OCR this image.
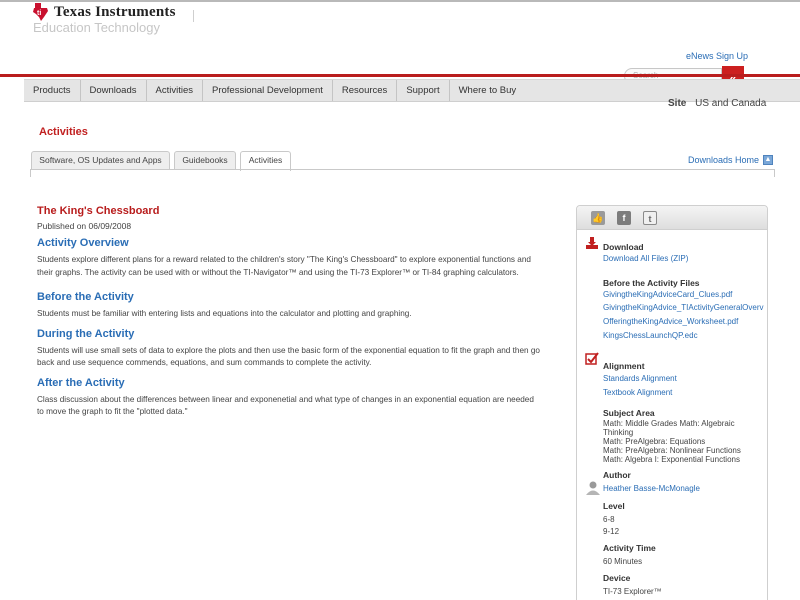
ti Texas Instruments
Education Technology
eNews Sign Up
Products	Downloads	Activities	Professional Development	Resources	Support	Where to Buy
Site US and Canada
Activities
Software, OS Updates and Apps	Guidebooks	Activities	Downloads Home ▲
The King's Chessboard
Published on 06/09/2008
Activity Overview
Students explore different plans for a reward related to the children's story "The King's Chessboard" to explore exponential functions and their graphs. The activity can be used with or without the TI-Navigator™ and using the TI-73 Explorer™ or TI-84 graphing calculators.
Before the Activity
Students must be familiar with entering lists and equations into the calculator and plotting and graphing.
During the Activity
Students will use small sets of data to explore the plots and then use the basic form of the exponential equation to fit the graph and then go back and use sequence commends, equations, and sum commands to complete the activity.
After the Activity
Class discussion about the differences between linear and exponenetial and what type of changes in an exponential equation are needed to move the graph to fit the "plotted data."
👍	f	t
Download
Download All Files (ZIP)
Before the Activity Files
GivingtheKingAdviceCard_Clues.pdf
GivingtheKingAdvice_TIActivityGeneralOverv
OfferingtheKingAdvice_Worksheet.pdf
KingsChessLaunchQP.edc
Alignment
Standards Alignment
Textbook Alignment
Subject Area
Math: Middle Grades Math: Algebraic
Thinking
Math: PreAlgebra: Equations
Math: PreAlgebra: Nonlinear Functions
Math: Algebra I: Exponential Functions
Author
Heather Basse-McMonagle
Level
6-8
9-12
Activity Time
60 Minutes
Device
TI-73 Explorer™
